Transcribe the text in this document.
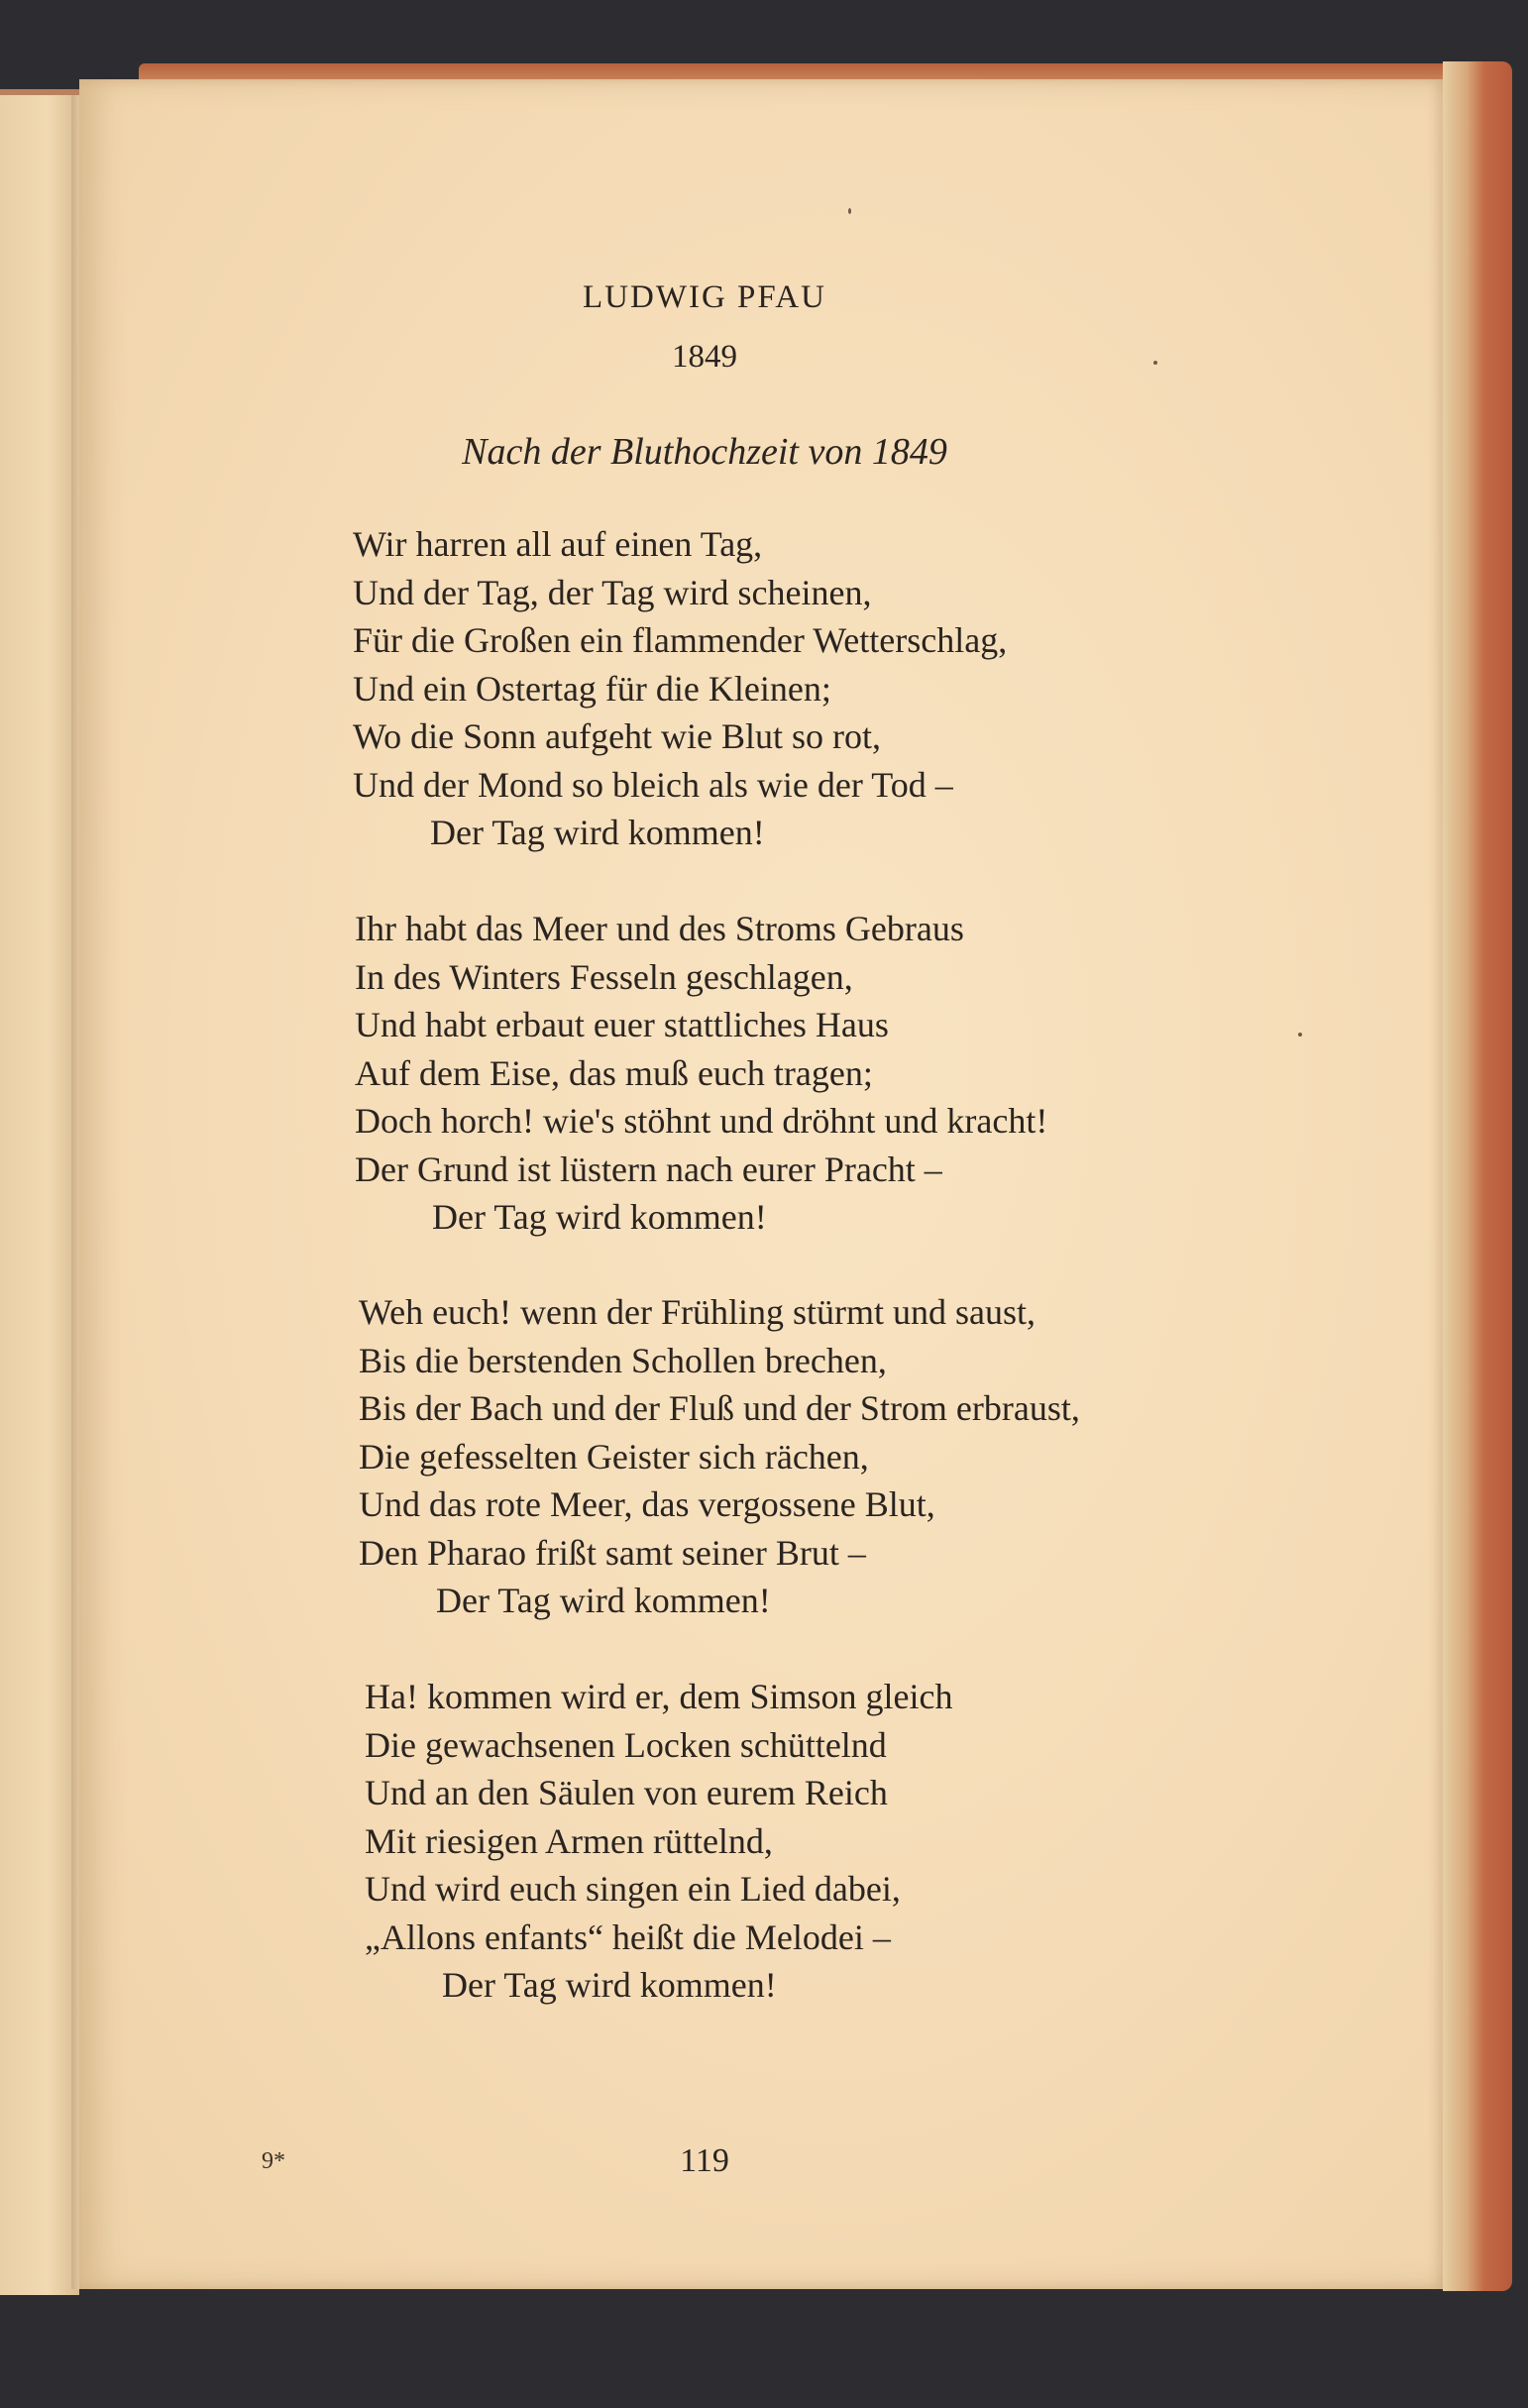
LUDWIG PFAU
1849
Nach der Bluthochzeit von 1849
Wir harren all auf einen Tag,
Und der Tag, der Tag wird scheinen,
Für die Großen ein flammender Wetterschlag,
Und ein Ostertag für die Kleinen;
Wo die Sonn aufgeht wie Blut so rot,
Und der Mond so bleich als wie der Tod –
Der Tag wird kommen!
Ihr habt das Meer und des Stroms Gebraus
In des Winters Fesseln geschlagen,
Und habt erbaut euer stattliches Haus
Auf dem Eise, das muß euch tragen;
Doch horch! wie's stöhnt und dröhnt und kracht!
Der Grund ist lüstern nach eurer Pracht –
Der Tag wird kommen!
Weh euch! wenn der Frühling stürmt und saust,
Bis die berstenden Schollen brechen,
Bis der Bach und der Fluß und der Strom erbraust,
Die gefesselten Geister sich rächen,
Und das rote Meer, das vergossene Blut,
Den Pharao frißt samt seiner Brut –
Der Tag wird kommen!
Ha! kommen wird er, dem Simson gleich
Die gewachsenen Locken schüttelnd
Und an den Säulen von eurem Reich
Mit riesigen Armen rüttelnd,
Und wird euch singen ein Lied dabei,
„Allons enfants“ heißt die Melodei –
Der Tag wird kommen!
9*	119
